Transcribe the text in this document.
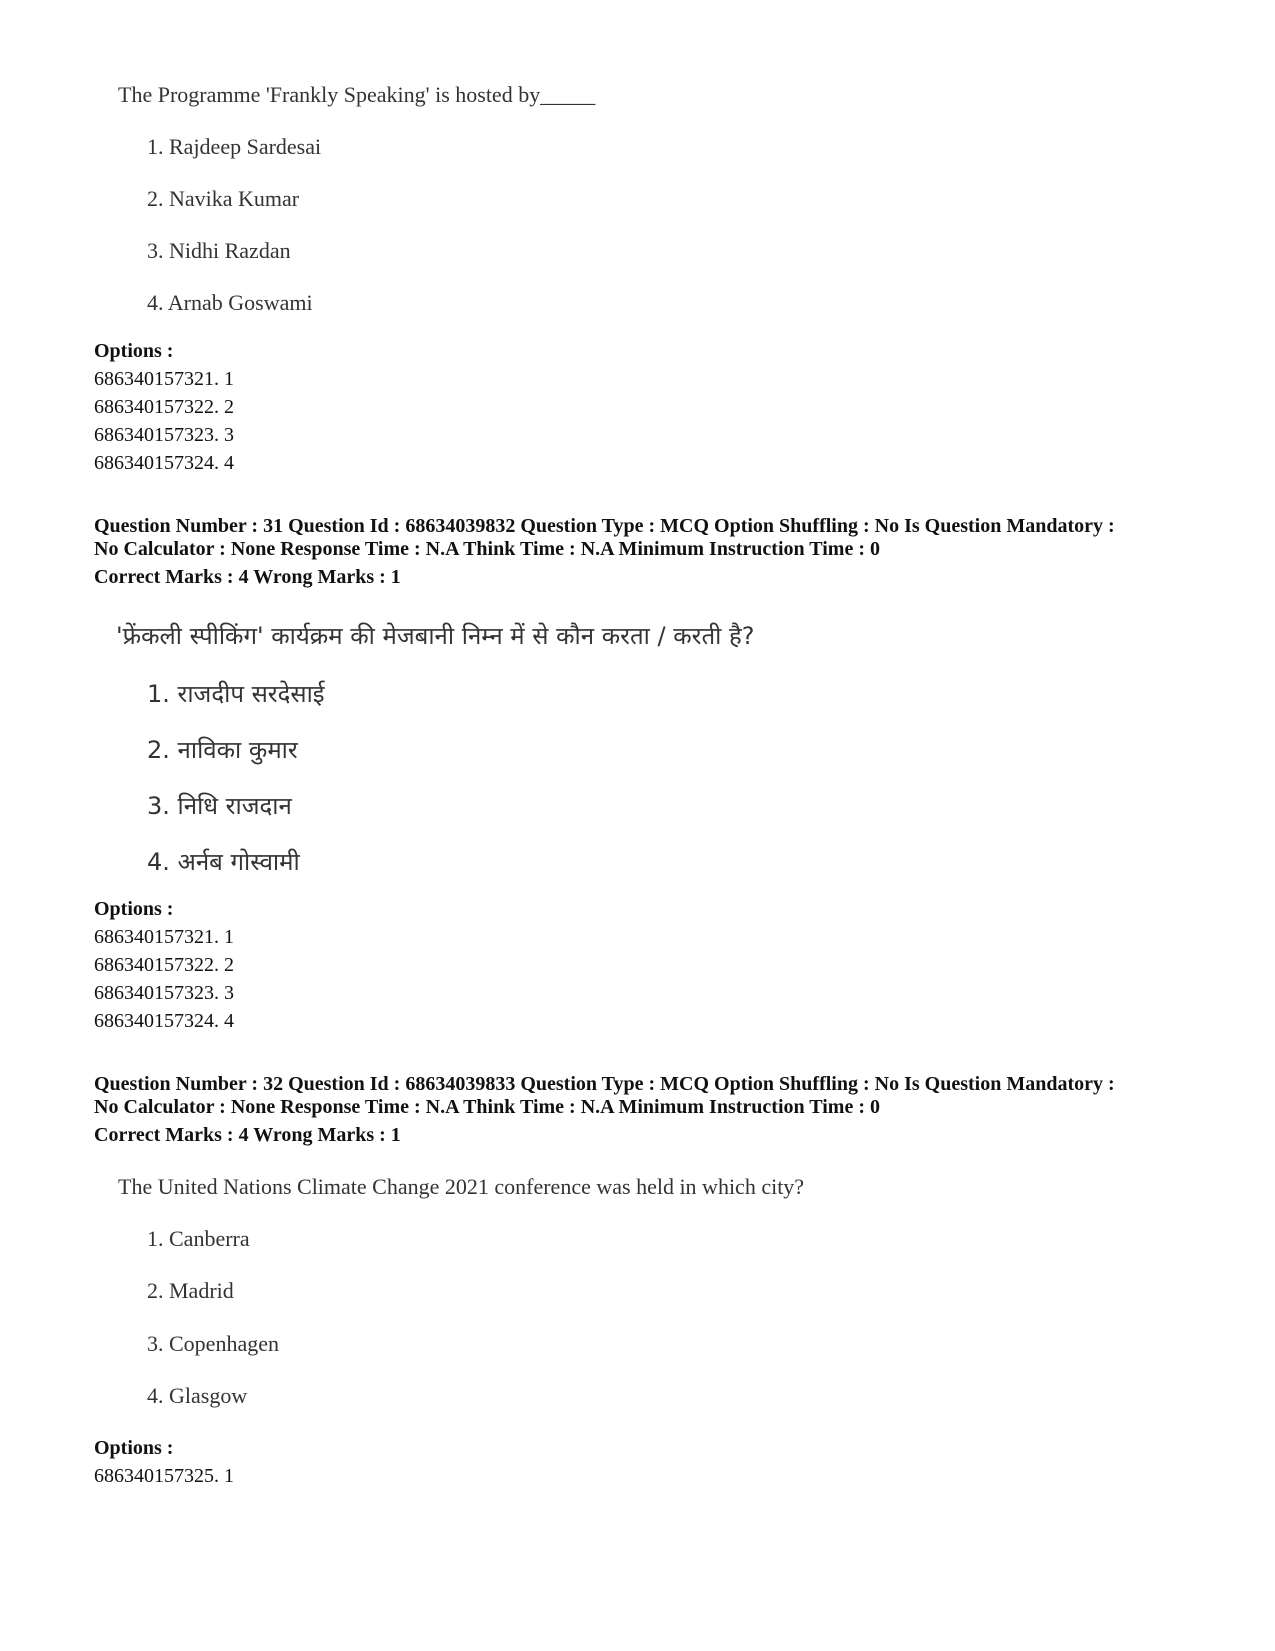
The Programme 'Frankly Speaking' is hosted by_____
1. Rajdeep Sardesai
2. Navika Kumar
3. Nidhi Razdan
4. Arnab Goswami
Options :
686340157321. 1
686340157322. 2
686340157323. 3
686340157324. 4
Question Number : 31 Question Id : 68634039832 Question Type : MCQ Option Shuffling : No Is Question Mandatory :
No Calculator : None Response Time : N.A Think Time : N.A Minimum Instruction Time : 0
Correct Marks : 4 Wrong Marks : 1
'फ्रेंकली स्पीकिंग' कार्यक्रम की मेजबानी निम्न में से कौन करता / करती है?
1. राजदीप सरदेसाई
2. नाविका कुमार
3. निधि राजदान
4. अर्नब गोस्वामी
Options :
686340157321. 1
686340157322. 2
686340157323. 3
686340157324. 4
Question Number : 32 Question Id : 68634039833 Question Type : MCQ Option Shuffling : No Is Question Mandatory :
No Calculator : None Response Time : N.A Think Time : N.A Minimum Instruction Time : 0
Correct Marks : 4 Wrong Marks : 1
The United Nations Climate Change 2021 conference was held in which city?
1. Canberra
2. Madrid
3. Copenhagen
4. Glasgow
Options :
686340157325. 1
